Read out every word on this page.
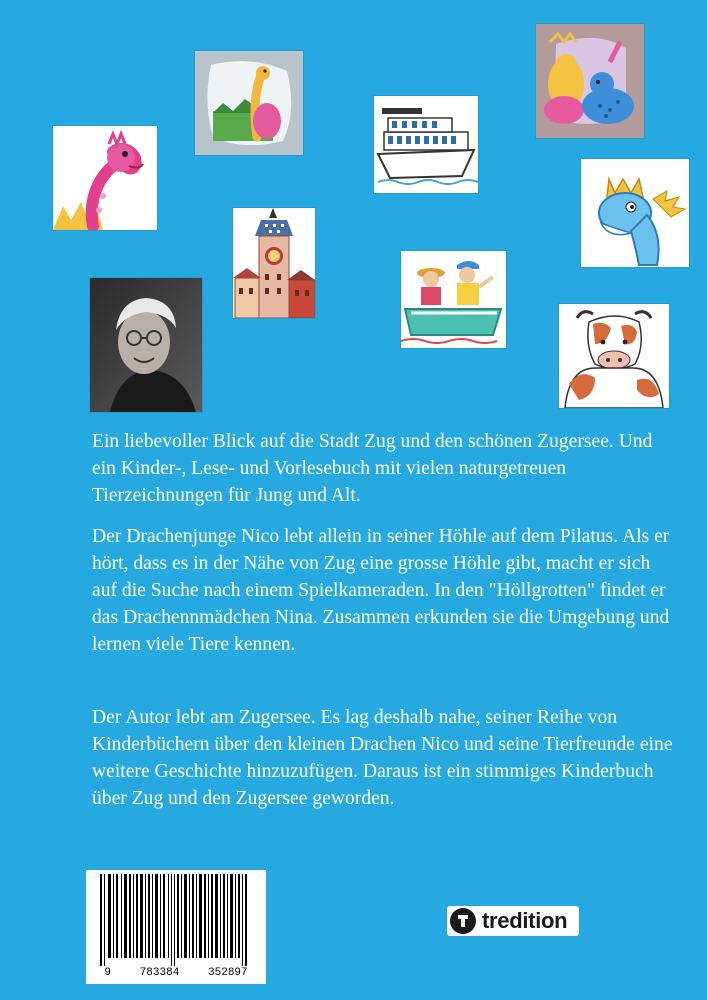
Ein liebevoller Blick auf die Stadt Zug und den schönen Zugersee. Und ein Kinder-, Lese- und Vorlesebuch mit vielen naturgetreuen Tierzeichnungen für Jung und Alt.

Der Drachenjunge Nico lebt allein in seiner Höhle auf dem Pilatus. Als er hört, dass es in der Nähe von Zug eine grosse Höhle gibt, macht er sich auf die Suche nach einem Spielkameraden. In den "Höllgrotten" findet er das Drachennmädchen Nina. Zusammen erkunden sie die Umgebung und lernen viele Tiere kennen.

Der Autor lebt am Zugersee. Es lag deshalb nahe, seiner Reihe von Kinderbüchern über den kleinen Drachen Nico und seine Tierfreunde eine weitere Geschichte hinzuzufügen. Daraus ist ein stimmiges Kinderbuch über Zug und den Zugersee geworden.

9	783384	352897
tredition
